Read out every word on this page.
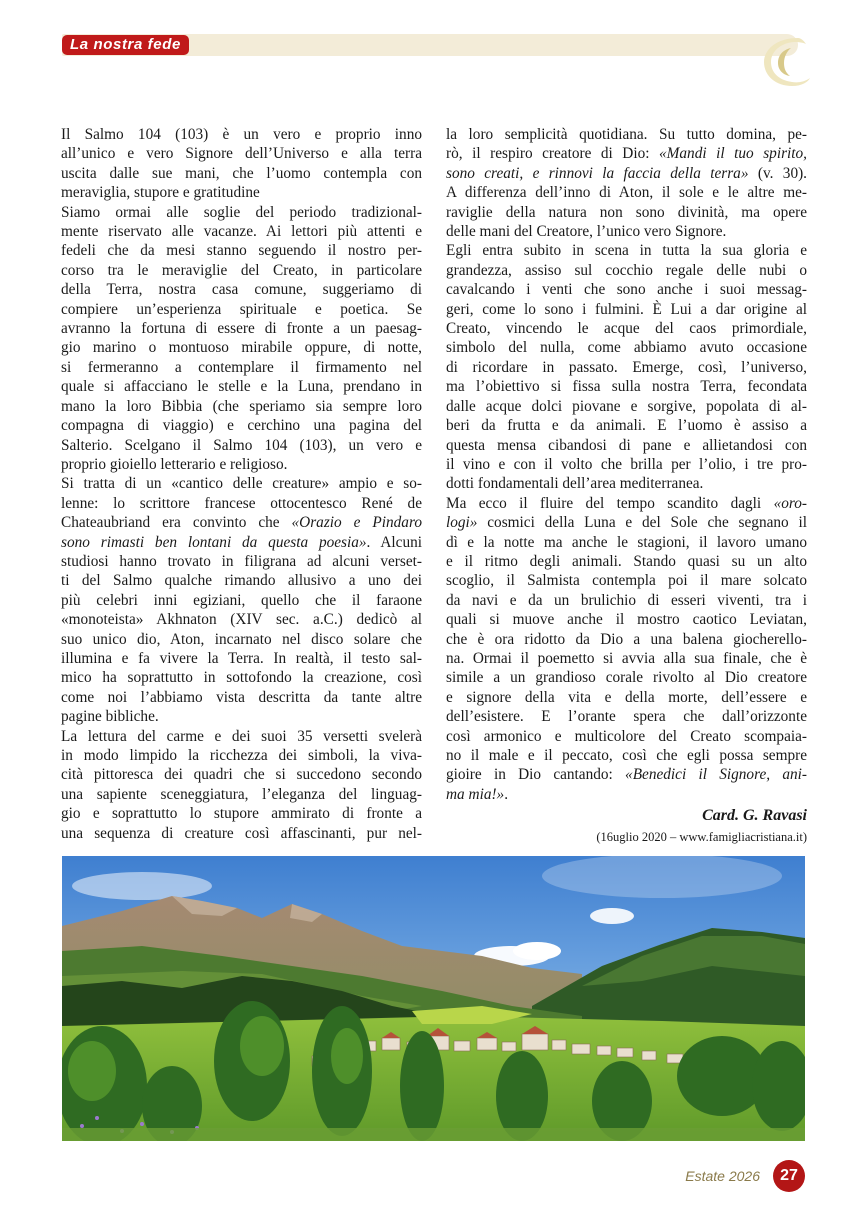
La nostra fede

Il Salmo 104 (103) è un vero e proprio inno
all’unico e vero Signore dell’Universo e alla terra
uscita dalle sue mani, che l’uomo contempla con
meraviglia, stupore e gratitudine

Siamo ormai alle soglie del periodo tradizional-
mente riservato alle vacanze. Ai lettori più attenti e
fedeli che da mesi stanno seguendo il nostro per-
corso tra le meraviglie del Creato, in particolare
della Terra, nostra casa comune, suggeriamo di
compiere un’esperienza spirituale e poetica. Se
avranno la fortuna di essere di fronte a un paesag-
gio marino o montuoso mirabile oppure, di notte,
si fermeranno a contemplare il firmamento nel
quale si affacciano le stelle e la Luna, prendano in
mano la loro Bibbia (che speriamo sia sempre loro
compagna di viaggio) e cerchino una pagina del
Salterio. Scelgano il Salmo 104 (103), un vero e
proprio gioiello letterario e religioso.

Si tratta di un «cantico delle creature» ampio e so-
lenne: lo scrittore francese ottocentesco René de
Chateaubriand era convinto che «Orazio e Pindaro
sono rimasti ben lontani da questa poesia». Alcuni
studiosi hanno trovato in filigrana ad alcuni verset-
ti del Salmo qualche rimando allusivo a uno dei
più celebri inni egiziani, quello che il faraone
«monoteista» Akhnaton (XIV sec. a.C.) dedicò al
suo unico dio, Aton, incarnato nel disco solare che
illumina e fa vivere la Terra. In realtà, il testo sal-
mico ha soprattutto in sottofondo la creazione, così
come noi l’abbiamo vista descritta da tante altre
pagine bibliche.

La lettura del carme e dei suoi 35 versetti svelerà
in modo limpido la ricchezza dei simboli, la viva-
cità pittoresca dei quadri che si succedono secondo
una sapiente sceneggiatura, l’eleganza del linguag-
gio e soprattutto lo stupore ammirato di fronte a
una sequenza di creature così affascinanti, pur nel-

la loro semplicità quotidiana. Su tutto domina, pe-
rò, il respiro creatore di Dio: «Mandi il tuo spirito,
sono creati, e rinnovi la faccia della terra» (v. 30).

A differenza dell’inno di Aton, il sole e le altre me-
raviglie della natura non sono divinità, ma opere
delle mani del Creatore, l’unico vero Signore.

Egli entra subito in scena in tutta la sua gloria e
grandezza, assiso sul cocchio regale delle nubi o
cavalcando i venti che sono anche i suoi messag-
geri, come lo sono i fulmini. È Lui a dar origine al
Creato, vincendo le acque del caos primordiale,
simbolo del nulla, come abbiamo avuto occasione
di ricordare in passato. Emerge, così, l’universo,
ma l’obiettivo si fissa sulla nostra Terra, fecondata
dalle acque dolci piovane e sorgive, popolata di al-
beri da frutta e da animali. E l’uomo è assiso a
questa mensa cibandosi di pane e allietandosi con
il vino e con il volto che brilla per l’olio, i tre pro-
dotti fondamentali dell’area mediterranea.

Ma ecco il fluire del tempo scandito dagli «oro-
logi» cosmici della Luna e del Sole che segnano il
dì e la notte ma anche le stagioni, il lavoro umano
e il ritmo degli animali. Stando quasi su un alto
scoglio, il Salmista contempla poi il mare solcato
da navi e da un brulichio di esseri viventi, tra i
quali si muove anche il mostro caotico Leviatan,
che è ora ridotto da Dio a una balena giocherello-
na. Ormai il poemetto si avvia alla sua finale, che è
simile a un grandioso corale rivolto al Dio creatore
e signore della vita e della morte, dell’essere e
dell’esistere. E l’orante spera che dall’orizzonte
così armonico e multicolore del Creato scompaia-
no il male e il peccato, così che egli possa sempre
gioire in Dio cantando: «Benedici il Signore, ani-
ma mia!».

Card. G. Ravasi

(16uglio 2020 – www.famigliacristiana.it)

Estate 2026	27
